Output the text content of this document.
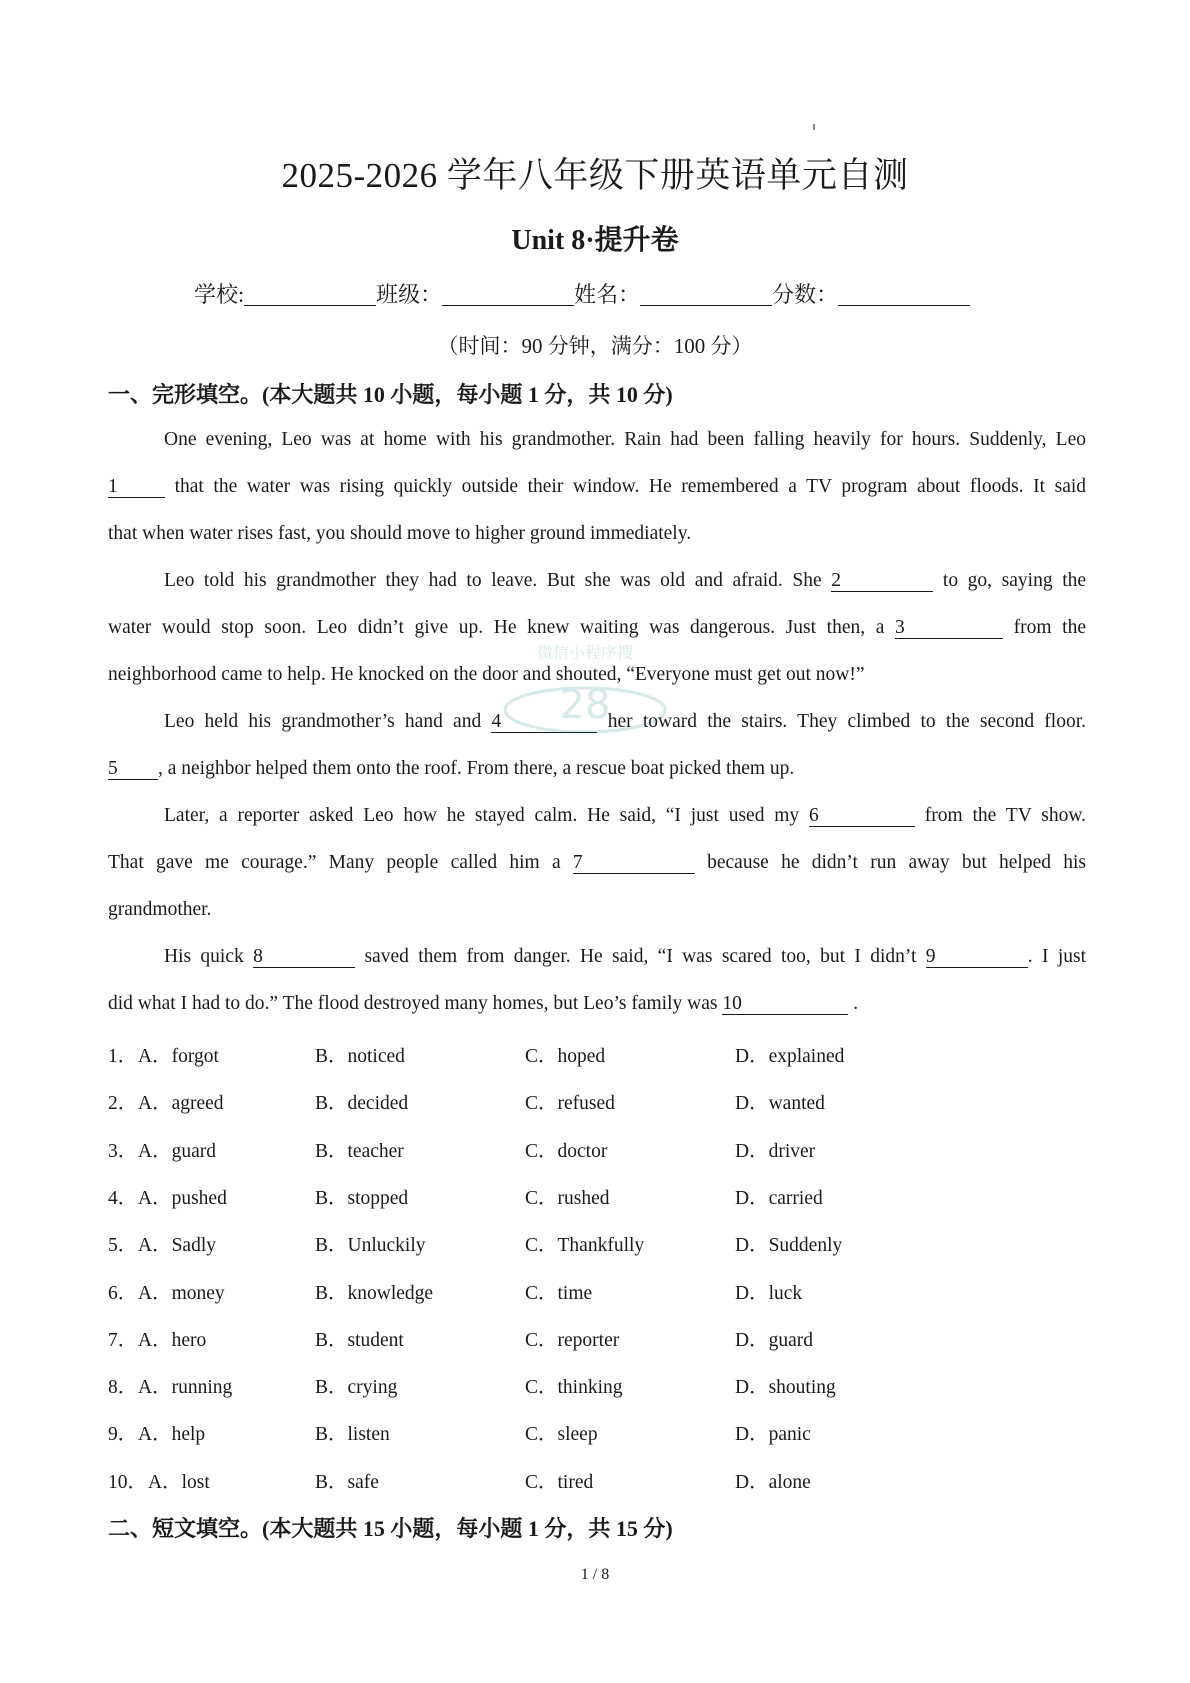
2025-2026 学年八年级下册英语单元自测
Unit 8·提升卷
学校:	班级：	姓名：	分数：
（时间：90 分钟，满分：100 分）
一、完形填空。(本大题共 10 小题，每小题 1 分，共 10 分)
One evening, Leo was at home with his grandmother. Rain had been falling heavily for hours. Suddenly, Leo
1	that the water was rising quickly outside their window. He remembered a TV program about floods. It said
that when water rises fast, you should move to higher ground immediately.
Leo told his grandmother they had to leave. But she was old and afraid. She 2	to go, saying the
water would stop soon. Leo didn’t give up. He knew waiting was dangerous. Just then, a 3	from the
neighborhood came to help. He knocked on the door and shouted, “Everyone must get out now!”
Leo held his grandmother’s hand and 4	her toward the stairs. They climbed to the second floor.
5 , a neighbor helped them onto the roof. From there, a rescue boat picked them up.
Later, a reporter asked Leo how he stayed calm. He said, “I just used my 6	from the TV show.
That gave me courage.” Many people called him a 7	because he didn’t run away but helped his
grandmother.
His quick 8	saved them from danger. He said, “I was scared too, but I didn’t 9	. I just
did what I had to do.” The flood destroyed many homes, but Leo’s family was 10	.
微信小程序搜
28
1． A．forgot	B．noticed	C．hoped	D．explained
2． A．agreed	B．decided	C．refused	D．wanted
3． A．guard	B．teacher	C．doctor	D．driver
4． A．pushed	B．stopped	C．rushed	D．carried
5． A．Sadly	B．Unluckily	C．Thankfully	D．Suddenly
6． A．money	B．knowledge	C．time	D．luck
7． A．hero	B．student	C．reporter	D．guard
8． A．running	B．crying	C．thinking	D．shouting
9． A．help	B．listen	C．sleep	D．panic
10． A．lost	B．safe	C．tired	D．alone
二、短文填空。(本大题共 15 小题，每小题 1 分，共 15 分)
1 / 8
